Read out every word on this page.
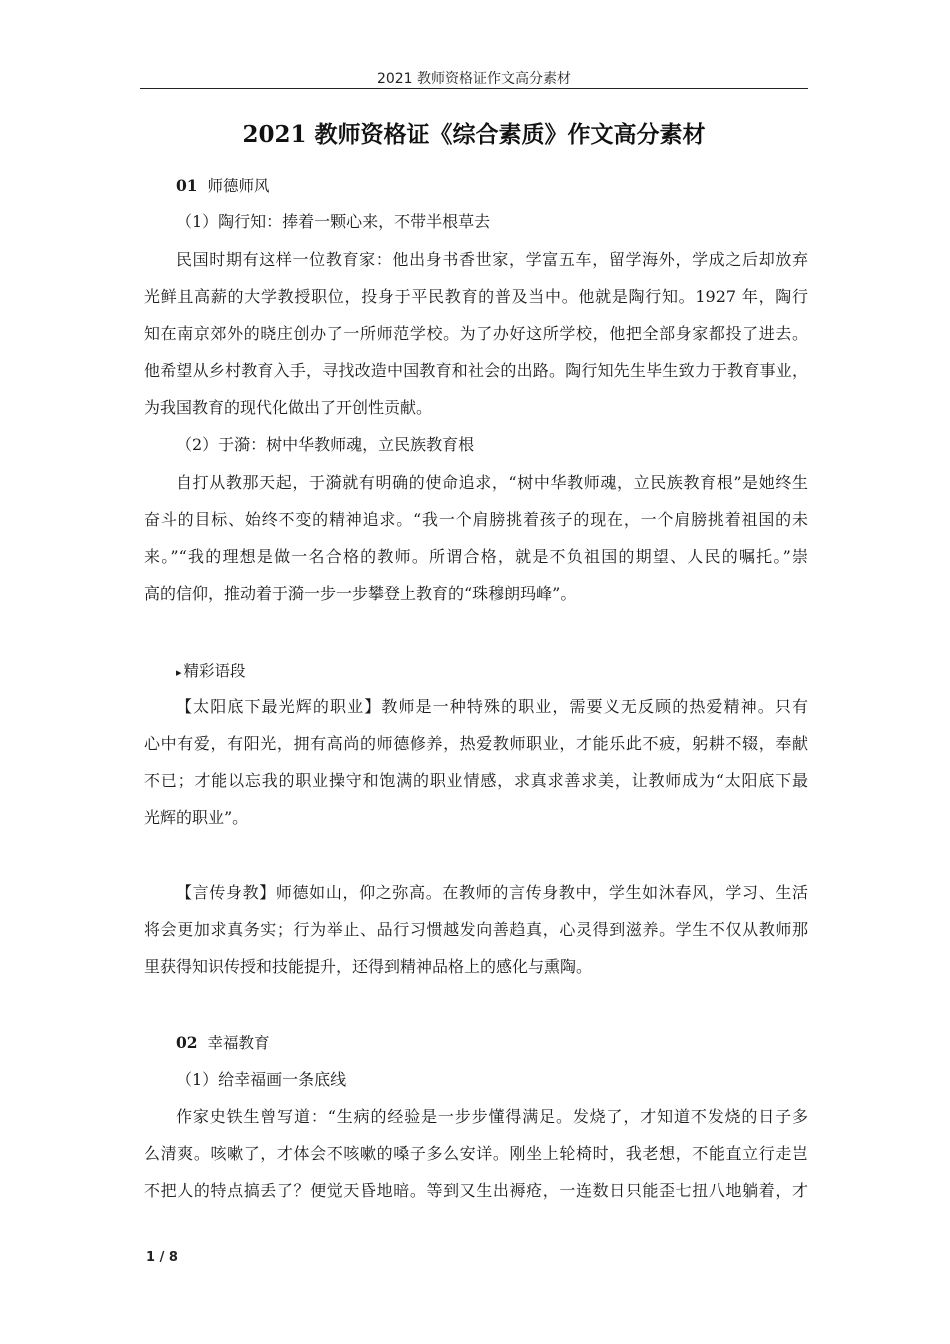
2021 教师资格证作文高分素材
2021 教师资格证《综合素质》作文高分素材
01 师德师风
（1）陶行知：捧着一颗心来，不带半根草去
民国时期有这样一位教育家：他出身书香世家，学富五车，留学海外，学成之后却放弃
光鲜且高薪的大学教授职位，投身于平民教育的普及当中。他就是陶行知。1927 年，陶行
知在南京郊外的晓庄创办了一所师范学校。为了办好这所学校，他把全部身家都投了进去。
他希望从乡村教育入手，寻找改造中国教育和社会的出路。陶行知先生毕生致力于教育事业，
为我国教育的现代化做出了开创性贡献。
（2）于漪：树中华教师魂，立民族教育根
自打从教那天起，于漪就有明确的使命追求，“树中华教师魂，立民族教育根”是她终生
奋斗的目标、始终不变的精神追求。“我一个肩膀挑着孩子的现在，一个肩膀挑着祖国的未
来。”“我的理想是做一名合格的教师。所谓合格，就是不负祖国的期望、人民的嘱托。”崇
高的信仰，推动着于漪一步一步攀登上教育的“珠穆朗玛峰”。
▸ 精彩语段
【太阳底下最光辉的职业】教师是一种特殊的职业，需要义无反顾的热爱精神。只有
心中有爱，有阳光，拥有高尚的师德修养，热爱教师职业，才能乐此不疲，躬耕不辍，奉献
不已；才能以忘我的职业操守和饱满的职业情感，求真求善求美，让教师成为“太阳底下最
光辉的职业”。
【言传身教】师德如山，仰之弥高。在教师的言传身教中，学生如沐春风，学习、生活
将会更加求真务实；行为举止、品行习惯越发向善趋真，心灵得到滋养。学生不仅从教师那
里获得知识传授和技能提升，还得到精神品格上的感化与熏陶。
02 幸福教育
（1）给幸福画一条底线
作家史铁生曾写道：“生病的经验是一步步懂得满足。发烧了，才知道不发烧的日子多
么清爽。咳嗽了，才体会不咳嗽的嗓子多么安详。刚坐上轮椅时，我老想，不能直立行走岂
不把人的特点搞丢了？便觉天昏地暗。等到又生出褥疮，一连数日只能歪七扭八地躺着，才
1 / 8
